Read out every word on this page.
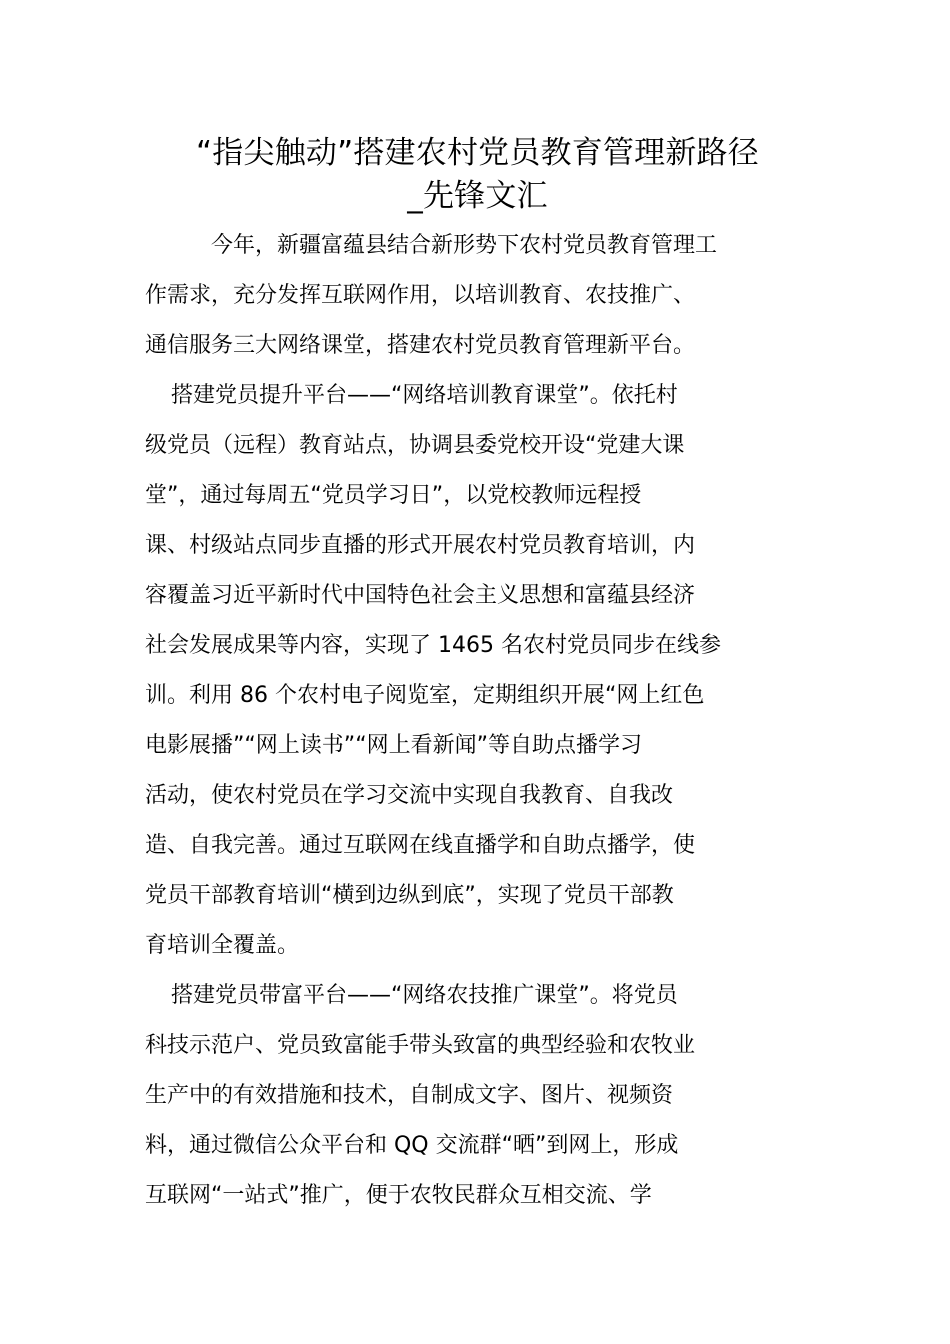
“指尖触动”搭建农村党员教育管理新路径
_先锋文汇

今年，新疆富蕴县结合新形势下农村党员教育管理工
作需求，充分发挥互联网作用，以培训教育、农技推广、
通信服务三大网络课堂，搭建农村党员教育管理新平台。

搭建党员提升平台——“网络培训教育课堂”。依托村
级党员（远程）教育站点，协调县委党校开设“党建大课
堂”，通过每周五“党员学习日”，以党校教师远程授
课、村级站点同步直播的形式开展农村党员教育培训，内
容覆盖习近平新时代中国特色社会主义思想和富蕴县经济
社会发展成果等内容，实现了 1465 名农村党员同步在线参
训。利用 86 个农村电子阅览室，定期组织开展“网上红色
电影展播”“网上读书”“网上看新闻”等自助点播学习
活动，使农村党员在学习交流中实现自我教育、自我改
造、自我完善。通过互联网在线直播学和自助点播学，使
党员干部教育培训“横到边纵到底”，实现了党员干部教
育培训全覆盖。

搭建党员带富平台——“网络农技推广课堂”。将党员
科技示范户、党员致富能手带头致富的典型经验和农牧业
生产中的有效措施和技术，自制成文字、图片、视频资
料，通过微信公众平台和 QQ 交流群“晒”到网上，形成
互联网“一站式”推广，便于农牧民群众互相交流、学
